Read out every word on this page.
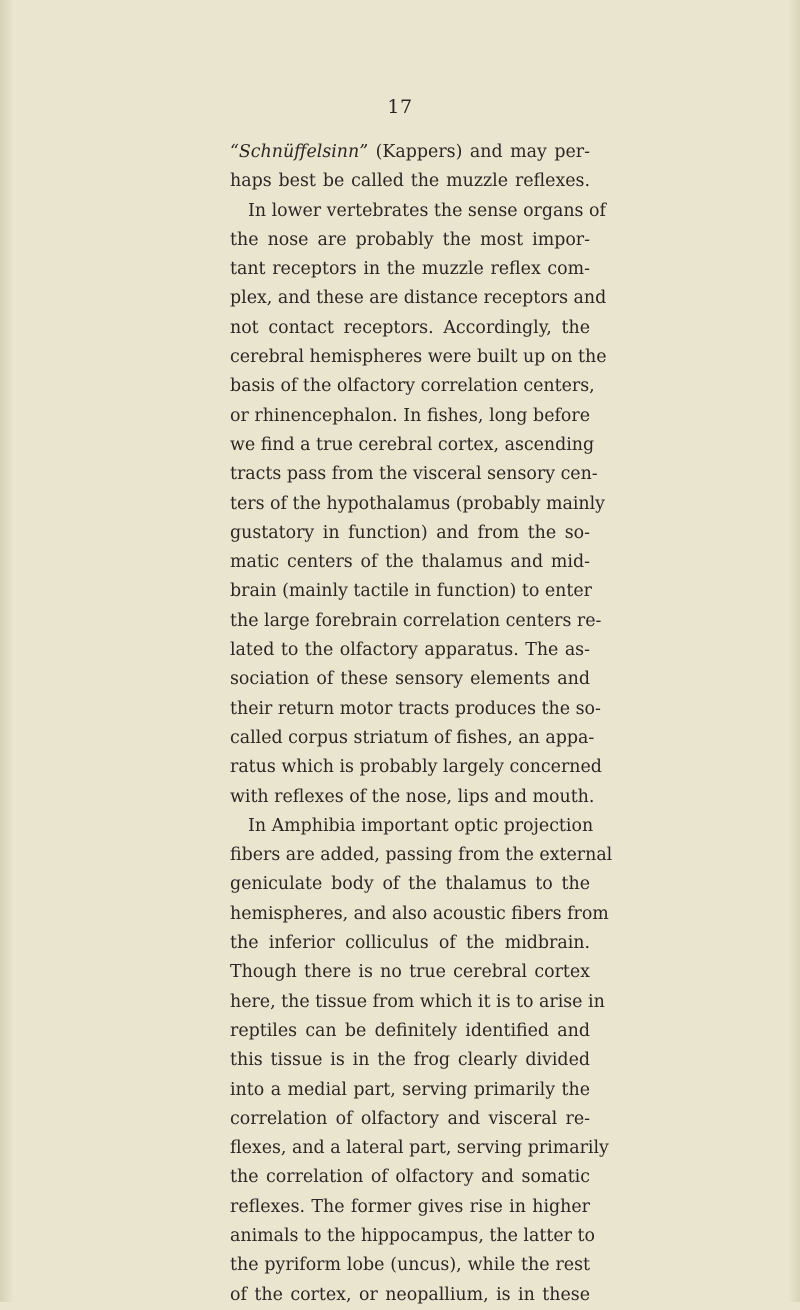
17
“Schnüffelsinn” (Kappers) and may per-
haps best be called the muzzle reflexes.
In lower vertebrates the sense organs of
the nose are probably the most impor-
tant receptors in the muzzle reflex com-
plex, and these are distance receptors and
not contact receptors. Accordingly, the
cerebral hemispheres were built up on the
basis of the olfactory correlation centers,
or rhinencephalon. In fishes, long before
we find a true cerebral cortex, ascending
tracts pass from the visceral sensory cen-
ters of the hypothalamus (probably mainly
gustatory in function) and from the so-
matic centers of the thalamus and mid-
brain (mainly tactile in function) to enter
the large forebrain correlation centers re-
lated to the olfactory apparatus. The as-
sociation of these sensory elements and
their return motor tracts produces the so-
called corpus striatum of fishes, an appa-
ratus which is probably largely concerned
with reflexes of the nose, lips and mouth.
In Amphibia important optic projection
fibers are added, passing from the external
geniculate body of the thalamus to the
hemispheres, and also acoustic fibers from
the inferior colliculus of the midbrain.
Though there is no true cerebral cortex
here, the tissue from which it is to arise in
reptiles can be definitely identified and
this tissue is in the frog clearly divided
into a medial part, serving primarily the
correlation of olfactory and visceral re-
flexes, and a lateral part, serving primarily
the correlation of olfactory and somatic
reflexes. The former gives rise in higher
animals to the hippocampus, the latter to
the pyriform lobe (uncus), while the rest
of the cortex, or neopallium, is in these
